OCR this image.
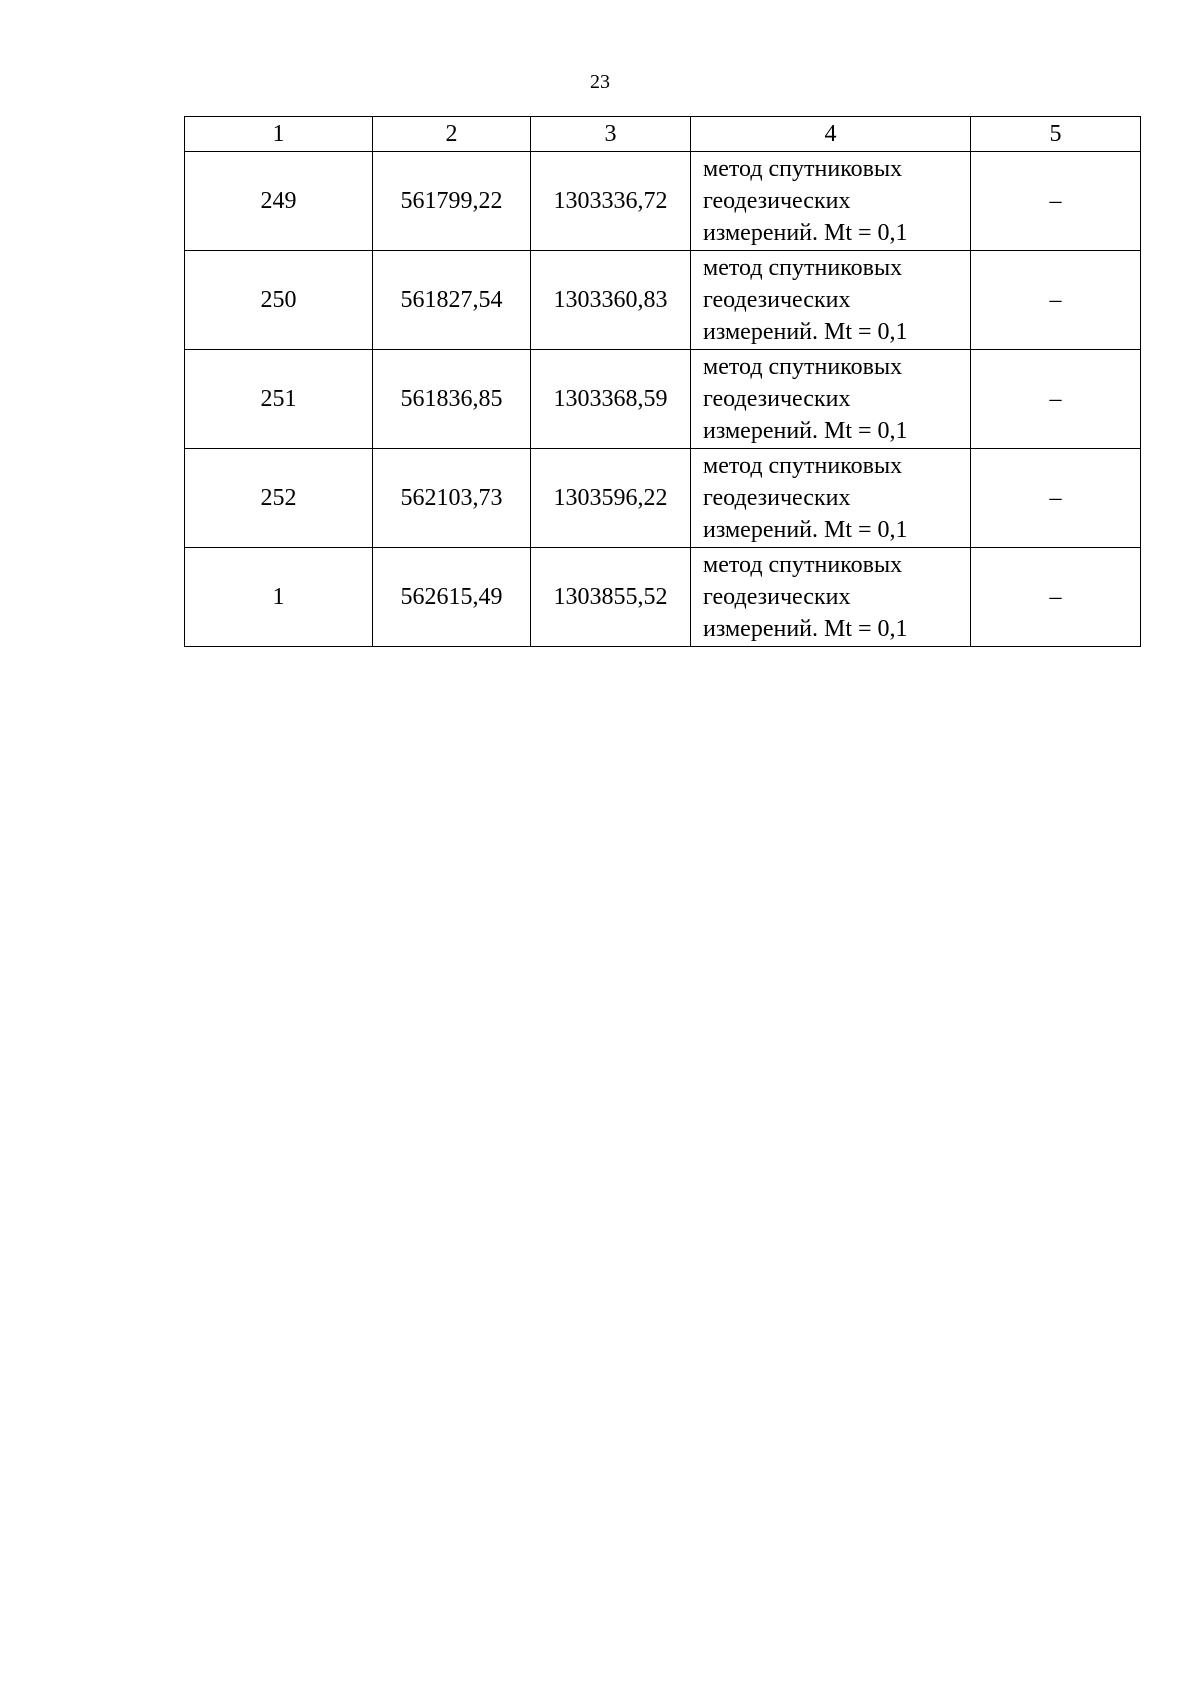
23
1	2	3	4	5
249	561799,22	1303336,72	метод спутниковых
геодезических
измерений. Mt = 0,1	–
250	561827,54	1303360,83	метод спутниковых
геодезических
измерений. Mt = 0,1	–
251	561836,85	1303368,59	метод спутниковых
геодезических
измерений. Mt = 0,1	–
252	562103,73	1303596,22	метод спутниковых
геодезических
измерений. Mt = 0,1	–
1	562615,49	1303855,52	метод спутниковых
геодезических
измерений. Mt = 0,1	–
